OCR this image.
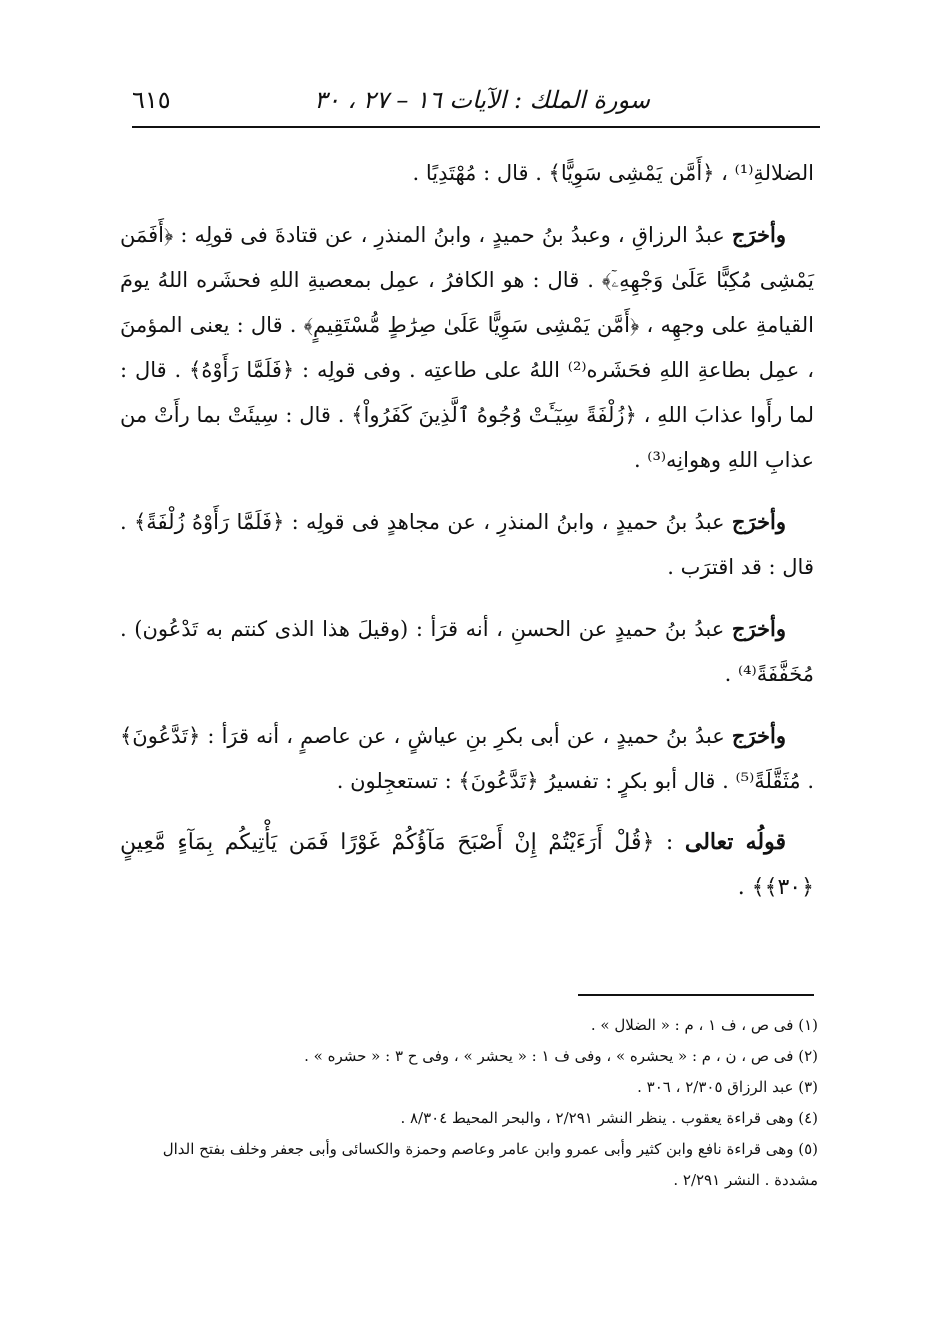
سورة الملك : الآيات ١٦ – ٢٧ ، ٣٠
٦١٥

الضلالةِ⁽¹⁾ ، ﴿أَمَّن يَمْشِى سَوِيًّا﴾ . قال : مُهْتَدِيًا .

وأخرَج عبدُ الرزاقِ ، وعبدُ بنُ حميدٍ ، وابنُ المنذرِ ، عن قتادةَ فى قولِه : ﴿أَفَمَن يَمْشِى مُكِبًّا عَلَىٰ وَجْهِهِۦٓ﴾ . قال : هو الكافرُ ، عمِل بمعصيةِ اللهِ فحشَره اللهُ يومَ القيامةِ على وجهِه ، ﴿أَمَّن يَمْشِى سَوِيًّا عَلَىٰ صِرَٰطٍ مُّسْتَقِيمٍ﴾ . قال : يعنى المؤمنَ ، عمِل بطاعةِ اللهِ فحَشَره⁽²⁾ اللهُ على طاعتِه . وفى قولِه : ﴿فَلَمَّا رَأَوْهُ﴾ . قال : لما رأَوا عذابَ اللهِ ، ﴿زُلْفَةً سِيٓـَٔتْ وُجُوهُ ٱلَّذِينَ كَفَرُواْ﴾ . قال : سِيئَتْ بما رأَتْ من عذابِ اللهِ وهوانِه⁽³⁾ .

وأخرَج عبدُ بنُ حميدٍ ، وابنُ المنذرِ ، عن مجاهدٍ فى قولِه : ﴿فَلَمَّا رَأَوْهُ زُلْفَةً﴾ . قال : قد اقترَب .

وأخرَج عبدُ بنُ حميدٍ عن الحسنِ ، أنه قرَأ : (وقيلَ هذا الذى كنتم به تَدْعُون) . مُخَفَّفَةً⁽⁴⁾ .

وأخرَج عبدُ بنُ حميدٍ ، عن أبى بكرِ بنِ عياشٍ ، عن عاصمٍ ، أنه قرَأ : ﴿تَدَّعُونَ﴾ . مُثَقَّلَةً⁽⁵⁾ . قال أبو بكرٍ : تفسيرُ ﴿تَدَّعُونَ﴾ : تستعجِلون .

قولُه تعالى : ﴿قُلْ أَرَءَيْتُمْ إِنْ أَصْبَحَ مَآؤُكُمْ غَوْرًا فَمَن يَأْتِيكُم بِمَآءٍ مَّعِينٍ ﴿٣٠﴾﴾ .

(١) فى ص ، ف ١ ، م : « الضلال » .

(٢) فى ص ، ن ، م : « يحشره » ، وفى ف ١ : « يحشر » ، وفى ح ٣ : « حشره » .

(٣) عبد الرزاق ٢/٣٠٥ ، ٣٠٦ .

(٤) وهى قراءة يعقوب . ينظر النشر ٢/٢٩١ ، والبحر المحيط ٨/٣٠٤ .

(٥) وهى قراءة نافع وابن كثير وأبى عمرو وابن عامر وعاصم وحمزة والكسائى وأبى جعفر وخلف بفتح الدال مشددة . النشر ٢/٢٩١ .
